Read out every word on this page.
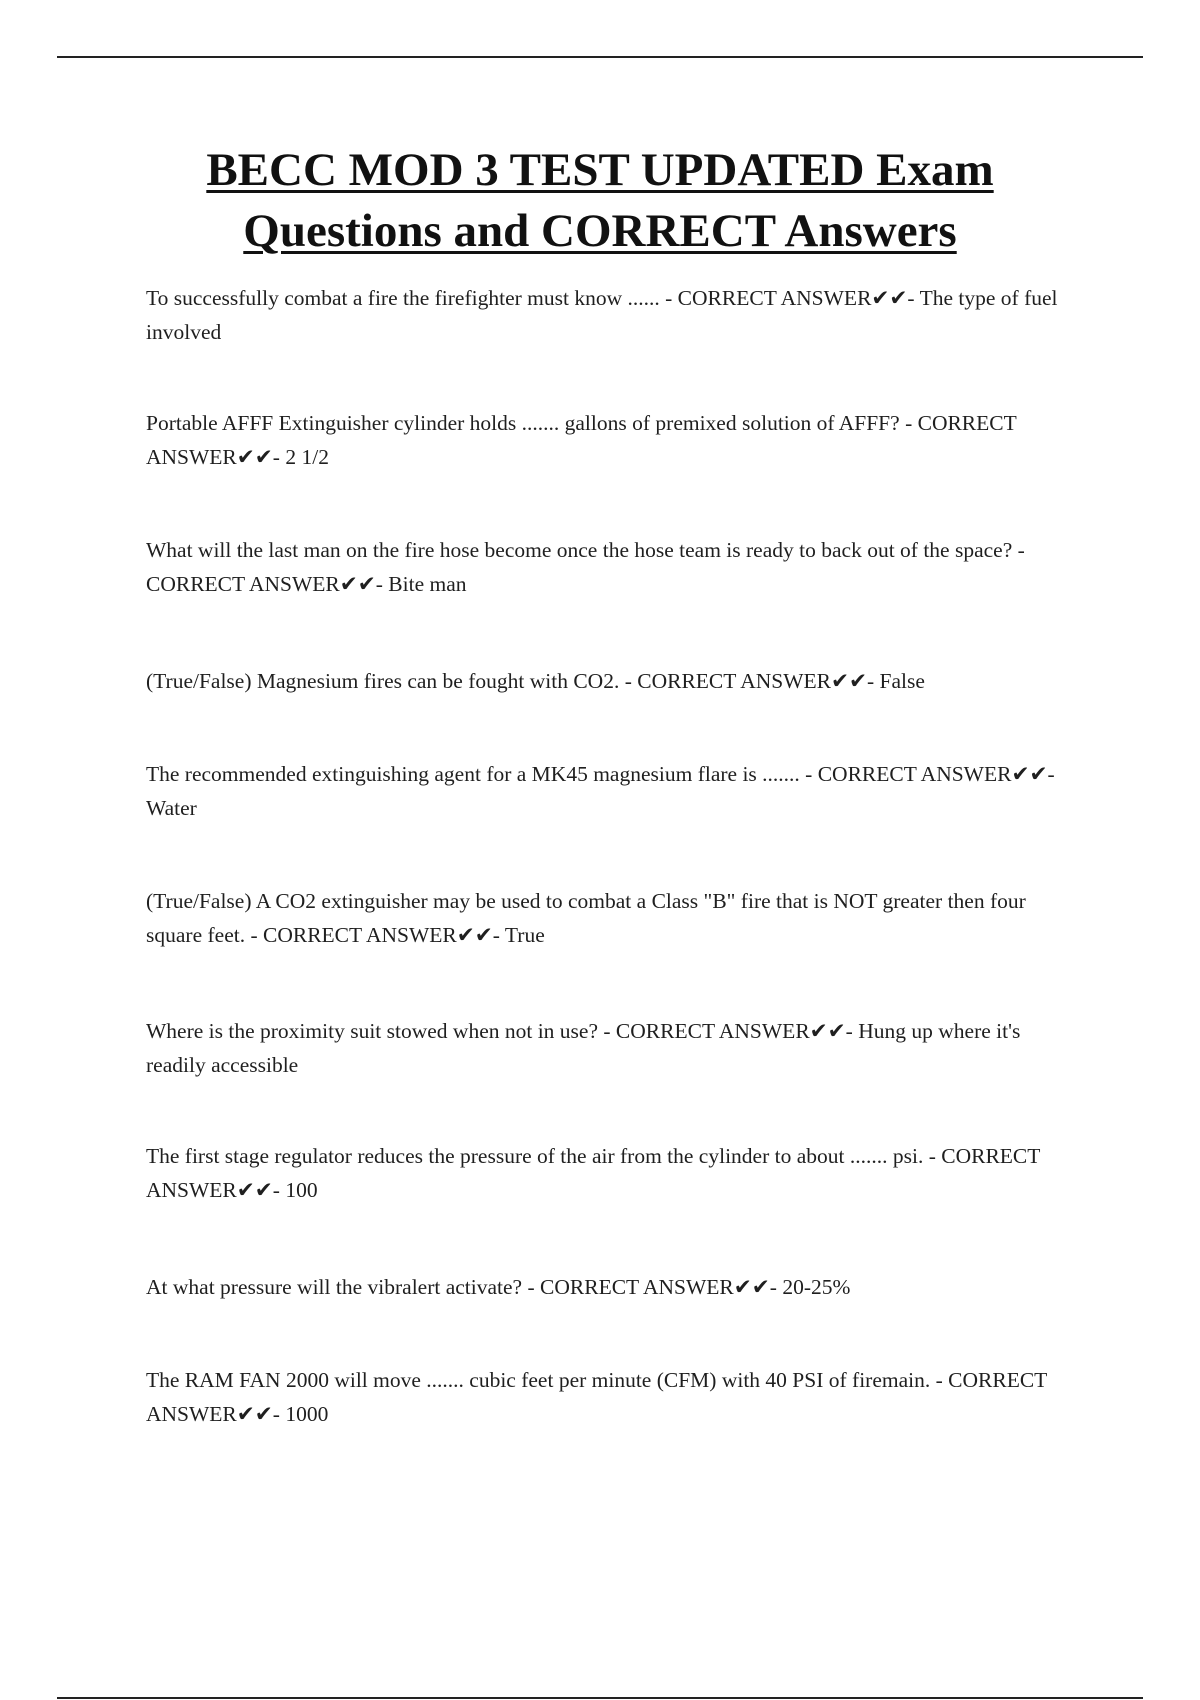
BECC MOD 3 TEST UPDATED Exam
Questions and CORRECT Answers

To successfully combat a fire the firefighter must know ...... - CORRECT ANSWER✔✔- The type of fuel involved

Portable AFFF Extinguisher cylinder holds ....... gallons of premixed solution of AFFF? - CORRECT ANSWER✔✔- 2 1/2

What will the last man on the fire hose become once the hose team is ready to back out of the space? - CORRECT ANSWER✔✔- Bite man

(True/False) Magnesium fires can be fought with CO2. - CORRECT ANSWER✔✔- False

The recommended extinguishing agent for a MK45 magnesium flare is ....... - CORRECT ANSWER✔✔- Water

(True/False) A CO2 extinguisher may be used to combat a Class "B" fire that is NOT greater then four square feet. - CORRECT ANSWER✔✔- True

Where is the proximity suit stowed when not in use? - CORRECT ANSWER✔✔- Hung up where it's readily accessible

The first stage regulator reduces the pressure of the air from the cylinder to about ....... psi. - CORRECT ANSWER✔✔- 100

At what pressure will the vibralert activate? - CORRECT ANSWER✔✔- 20-25%

The RAM FAN 2000 will move ....... cubic feet per minute (CFM) with 40 PSI of firemain. - CORRECT ANSWER✔✔- 1000
